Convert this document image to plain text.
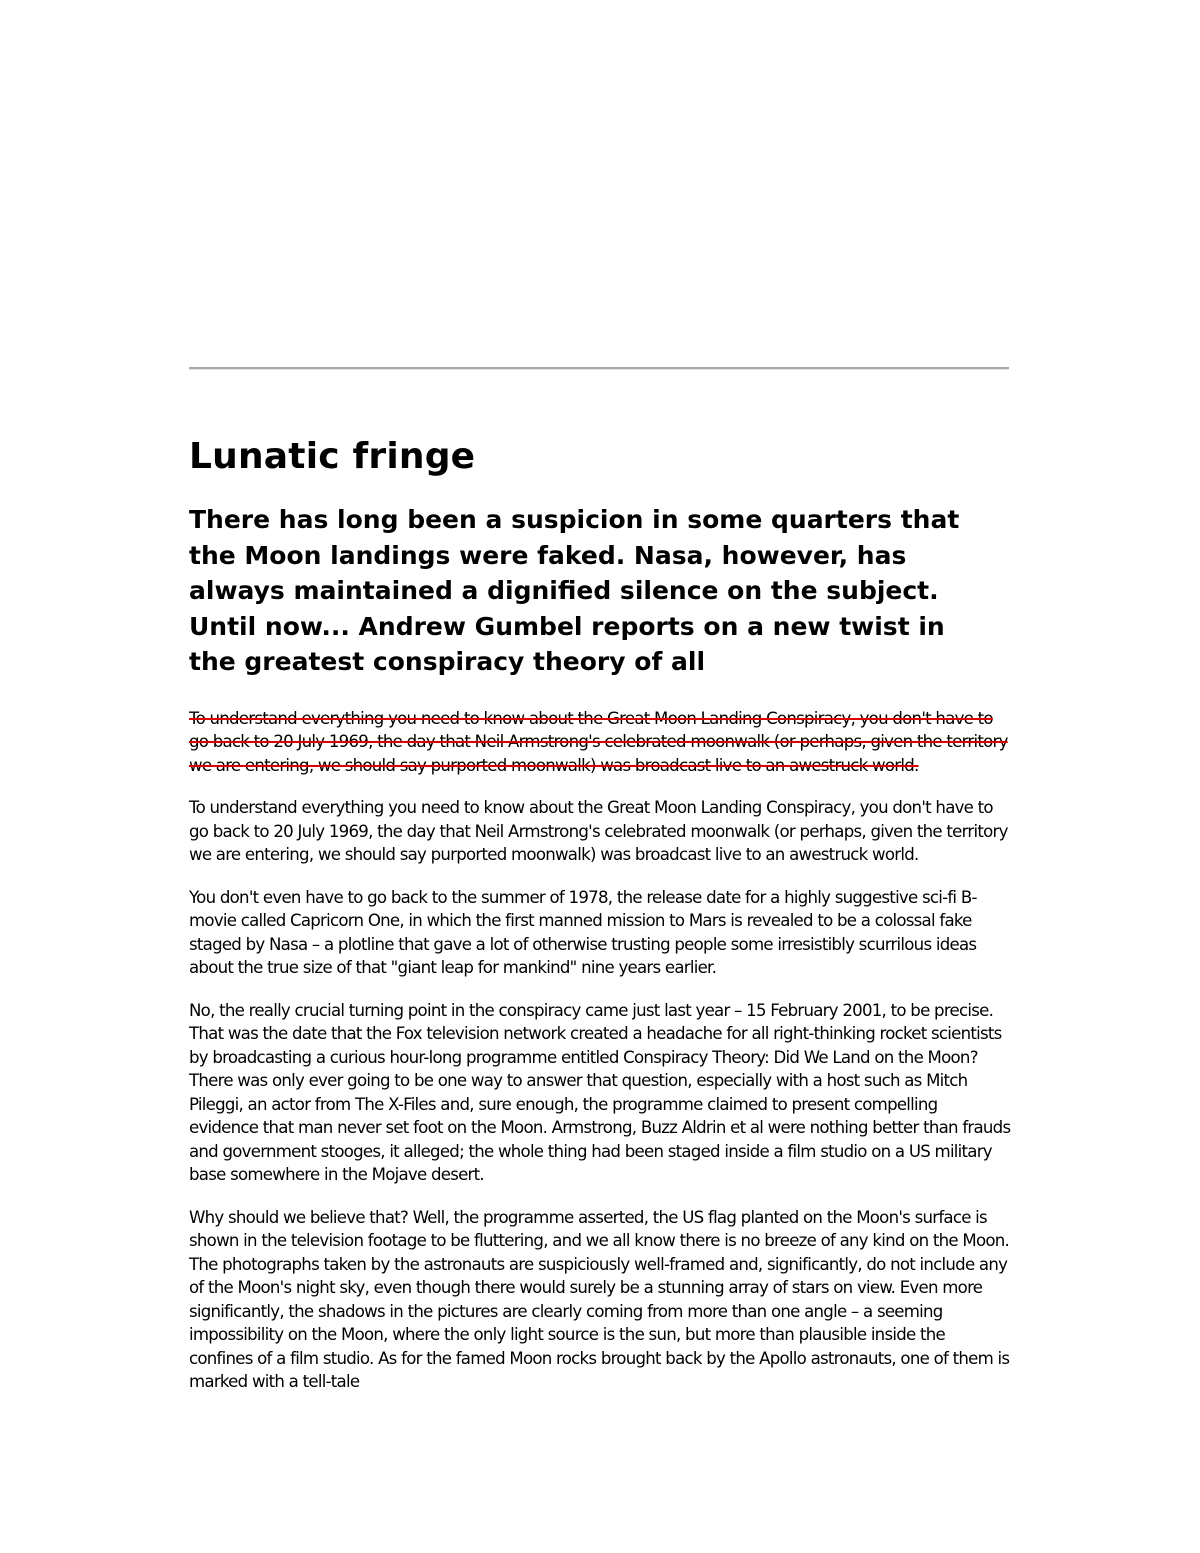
Lunatic fringe

There has long been a suspicion in some quarters that the Moon landings were faked. Nasa, however, has always maintained a dignified silence on the subject. Until now... Andrew Gumbel reports on a new twist in the greatest conspiracy theory of all

To understand everything you need to know about the Great Moon Landing Conspiracy, you don't have to go back to 20 July 1969, the day that Neil Armstrong's celebrated moonwalk (or perhaps, given the territory we are entering, we should say purported moonwalk) was broadcast live to an awestruck world.

To understand everything you need to know about the Great Moon Landing Conspiracy, you don't have to go back to 20 July 1969, the day that Neil Armstrong's celebrated moonwalk (or perhaps, given the territory we are entering, we should say purported moonwalk) was broadcast live to an awestruck world.

You don't even have to go back to the summer of 1978, the release date for a highly suggestive sci-fi B-movie called Capricorn One, in which the first manned mission to Mars is revealed to be a colossal fake staged by Nasa – a plotline that gave a lot of otherwise trusting people some irresistibly scurrilous ideas about the true size of that "giant leap for mankind" nine years earlier.

No, the really crucial turning point in the conspiracy came just last year – 15 February 2001, to be precise. That was the date that the Fox television network created a headache for all right-thinking rocket scientists by broadcasting a curious hour-long programme entitled Conspiracy Theory: Did We Land on the Moon? There was only ever going to be one way to answer that question, especially with a host such as Mitch Pileggi, an actor from The X-Files and, sure enough, the programme claimed to present compelling evidence that man never set foot on the Moon. Armstrong, Buzz Aldrin et al were nothing better than frauds and government stooges, it alleged; the whole thing had been staged inside a film studio on a US military base somewhere in the Mojave desert.

Why should we believe that? Well, the programme asserted, the US flag planted on the Moon's surface is shown in the television footage to be fluttering, and we all know there is no breeze of any kind on the Moon. The photographs taken by the astronauts are suspiciously well-framed and, significantly, do not include any of the Moon's night sky, even though there would surely be a stunning array of stars on view. Even more significantly, the shadows in the pictures are clearly coming from more than one angle – a seeming impossibility on the Moon, where the only light source is the sun, but more than plausible inside the confines of a film studio. As for the famed Moon rocks brought back by the Apollo astronauts, one of them is marked with a tell-tale
